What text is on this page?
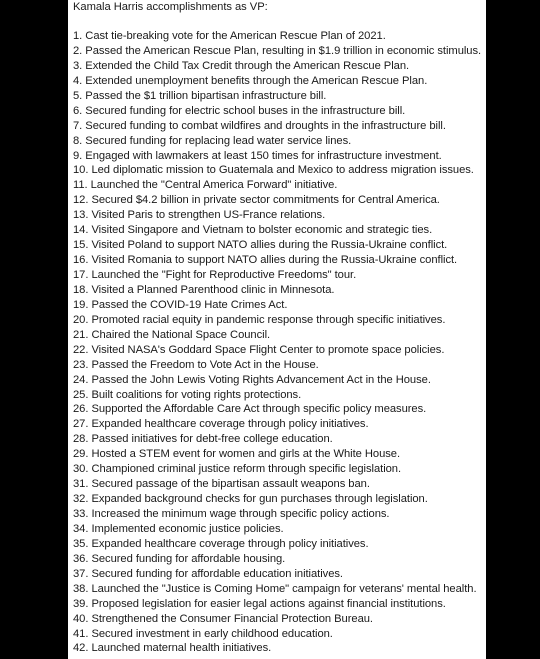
Kamala Harris accomplishments as VP:
1. Cast tie-breaking vote for the American Rescue Plan of 2021.
2. Passed the American Rescue Plan, resulting in $1.9 trillion in economic stimulus.
3. Extended the Child Tax Credit through the American Rescue Plan.
4. Extended unemployment benefits through the American Rescue Plan.
5. Passed the $1 trillion bipartisan infrastructure bill.
6. Secured funding for electric school buses in the infrastructure bill.
7. Secured funding to combat wildfires and droughts in the infrastructure bill.
8. Secured funding for replacing lead water service lines.
9. Engaged with lawmakers at least 150 times for infrastructure investment.
10. Led diplomatic mission to Guatemala and Mexico to address migration issues.
11. Launched the "Central America Forward" initiative.
12. Secured $4.2 billion in private sector commitments for Central America.
13. Visited Paris to strengthen US-France relations.
14. Visited Singapore and Vietnam to bolster economic and strategic ties.
15. Visited Poland to support NATO allies during the Russia-Ukraine conflict.
16. Visited Romania to support NATO allies during the Russia-Ukraine conflict.
17. Launched the "Fight for Reproductive Freedoms" tour.
18. Visited a Planned Parenthood clinic in Minnesota.
19. Passed the COVID-19 Hate Crimes Act.
20. Promoted racial equity in pandemic response through specific initiatives.
21. Chaired the National Space Council.
22. Visited NASA's Goddard Space Flight Center to promote space policies.
23. Passed the Freedom to Vote Act in the House.
24. Passed the John Lewis Voting Rights Advancement Act in the House.
25. Built coalitions for voting rights protections.
26. Supported the Affordable Care Act through specific policy measures.
27. Expanded healthcare coverage through policy initiatives.
28. Passed initiatives for debt-free college education.
29. Hosted a STEM event for women and girls at the White House.
30. Championed criminal justice reform through specific legislation.
31. Secured passage of the bipartisan assault weapons ban.
32. Expanded background checks for gun purchases through legislation.
33. Increased the minimum wage through specific policy actions.
34. Implemented economic justice policies.
35. Expanded healthcare coverage through policy initiatives.
36. Secured funding for affordable housing.
37. Secured funding for affordable education initiatives.
38. Launched the "Justice is Coming Home" campaign for veterans' mental health.
39. Proposed legislation for easier legal actions against financial institutions.
40. Strengthened the Consumer Financial Protection Bureau.
41. Secured investment in early childhood education.
42. Launched maternal health initiatives.
